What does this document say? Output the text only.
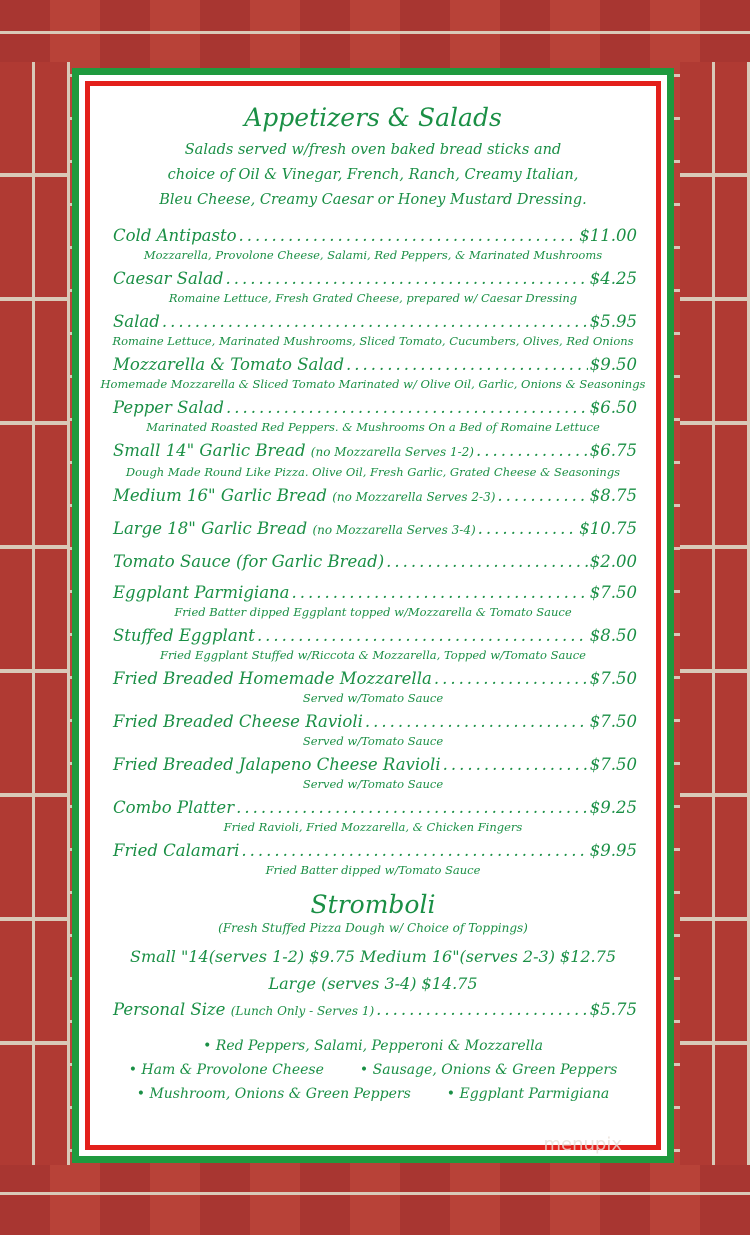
Appetizers & Salads
Salads served w/fresh oven baked bread sticks and
choice of Oil & Vinegar, French, Ranch, Creamy Italian,
Bleu Cheese, Creamy Caesar or Honey Mustard Dressing.
Cold Antipasto .....	$11.00
Mozzarella, Provolone Cheese, Salami, Red Peppers, & Marinated Mushrooms
Caesar Salad .....	$4.25
Romaine Lettuce, Fresh Grated Cheese, prepared w/ Caesar Dressing
Salad .....	$5.95
Romaine Lettuce, Marinated Mushrooms, Sliced Tomato, Cucumbers, Olives, Red Onions
Mozzarella & Tomato Salad .....	$9.50
Homemade Mozzarella & Sliced Tomato Marinated w/ Olive Oil, Garlic, Onions & Seasonings
Pepper Salad .....	$6.50
Marinated Roasted Red Peppers. & Mushrooms On a Bed of Romaine Lettuce
Small 14" Garlic Bread
(no Mozzarella Serves 1-2) .....	$6.75
Dough Made Round Like Pizza. Olive Oil, Fresh Garlic, Grated Cheese & Seasonings
Medium 16" Garlic Bread
(no Mozzarella Serves 2-3) .....	$8.75
Large 18" Garlic Bread
(no Mozzarella Serves 3-4) .....	$10.75
Tomato Sauce (for Garlic Bread) .....	$2.00
Eggplant Parmigiana .....	$7.50
Fried Batter dipped Eggplant topped w/Mozzarella & Tomato Sauce
Stuffed Eggplant .....	$8.50
Fried Eggplant Stuffed w/Riccota & Mozzarella, Topped w/Tomato Sauce
Fried Breaded Homemade Mozzarella .....	$7.50
Served w/Tomato Sauce
Fried Breaded Cheese Ravioli .....	$7.50
Served w/Tomato Sauce
Fried Breaded Jalapeno Cheese Ravioli .....	$7.50
Served w/Tomato Sauce
Combo Platter .....	$9.25
Fried Ravioli, Fried Mozzarella, & Chicken Fingers
Fried Calamari .....	$9.95
Fried Batter dipped w/Tomato Sauce
Stromboli
(Fresh Stuffed Pizza Dough w/ Choice of Toppings)
Small "14(serves 1-2) $9.75 Medium 16"(serves 2-3) $12.75
Large (serves 3-4) $14.75
Personal Size
(Lunch Only - Serves 1) .....	$5.75
• Red Peppers, Salami, Pepperoni & Mozzarella
• Ham & Provolone Cheese	• Sausage, Onions & Green Peppers
• Mushroom, Onions & Green Peppers	• Eggplant Parmigiana
menupix
